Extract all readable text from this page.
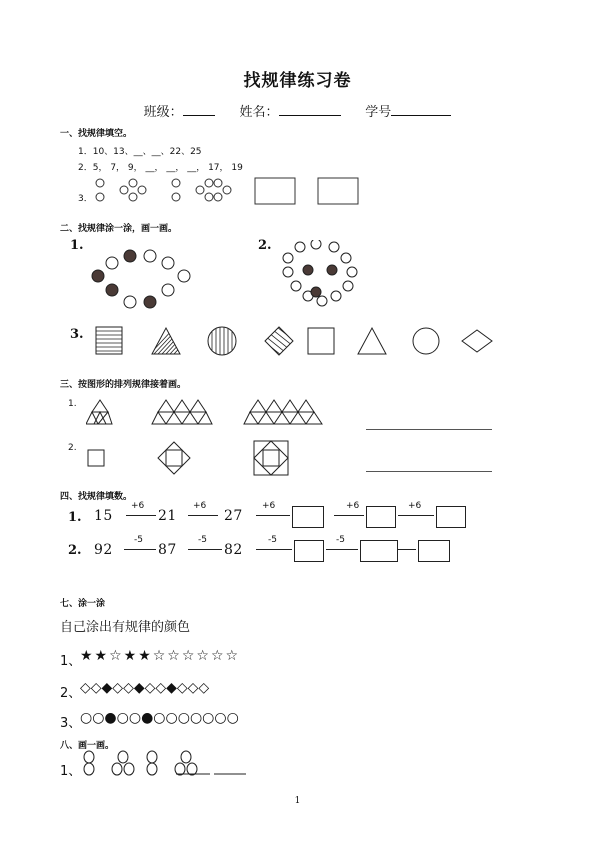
找规律练习卷
班级：	姓名：	学号
一、找规律填空。
1．10、13、__、__、22、25
2．5， 7， 9， __， __， __， 17， 19
3．
二、找规律涂一涂，画一画。
1.	2.
3.
三、按图形的排列规律接着画。
1.
2.
四、找规律填数。
1. 15
+6
21
+6
27
+6	+6	+6
2. 92
-5
87
-5
82
-5	-5
七、涂一涂
自己涂出有规律的颜色
1、
★★☆★★☆☆☆☆☆☆
2、
◇◇◆◇◇◆◇◇◆◇◇◇
3、
○○●○○●○○○○○○○
八、画一画。
1、
1
